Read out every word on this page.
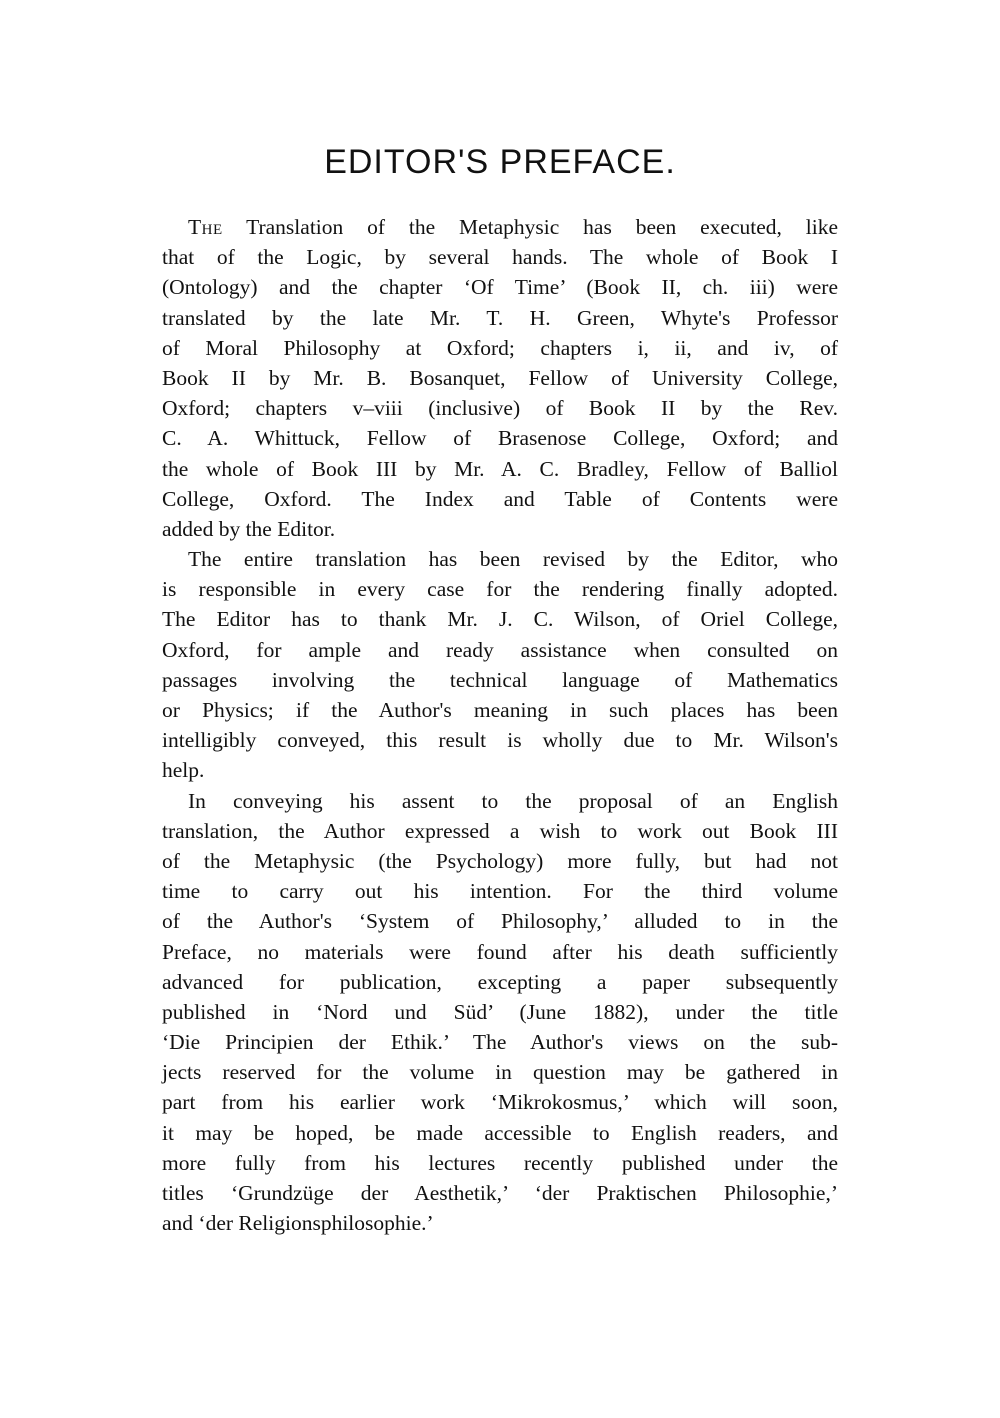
EDITOR'S PREFACE.
The Translation of the Metaphysic has been executed, like
that of the Logic, by several hands. The whole of Book I
(Ontology) and the chapter ‘Of Time’ (Book II, ch. iii) were
translated by the late Mr. T. H. Green, Whyte's Professor
of Moral Philosophy at Oxford; chapters i, ii, and iv, of
Book II by Mr. B. Bosanquet, Fellow of University College,
Oxford; chapters v–viii (inclusive) of Book II by the Rev.
C. A. Whittuck, Fellow of Brasenose College, Oxford; and
the whole of Book III by Mr. A. C. Bradley, Fellow of Balliol
College, Oxford. The Index and Table of Contents were
added by the Editor.
The entire translation has been revised by the Editor, who
is responsible in every case for the rendering finally adopted.
The Editor has to thank Mr. J. C. Wilson, of Oriel College,
Oxford, for ample and ready assistance when consulted on
passages involving the technical language of Mathematics
or Physics; if the Author's meaning in such places has been
intelligibly conveyed, this result is wholly due to Mr. Wilson's
help.
In conveying his assent to the proposal of an English
translation, the Author expressed a wish to work out Book III
of the Metaphysic (the Psychology) more fully, but had not
time to carry out his intention. For the third volume
of the Author's ‘System of Philosophy,’ alluded to in the
Preface, no materials were found after his death sufficiently
advanced for publication, excepting a paper subsequently
published in ‘Nord und Süd’ (June 1882), under the title
‘Die Principien der Ethik.’ The Author's views on the sub-
jects reserved for the volume in question may be gathered in
part from his earlier work ‘Mikrokosmus,’ which will soon,
it may be hoped, be made accessible to English readers, and
more fully from his lectures recently published under the
titles ‘Grundzüge der Aesthetik,’ ‘der Praktischen Philosophie,’
and ‘der Religionsphilosophie.’
